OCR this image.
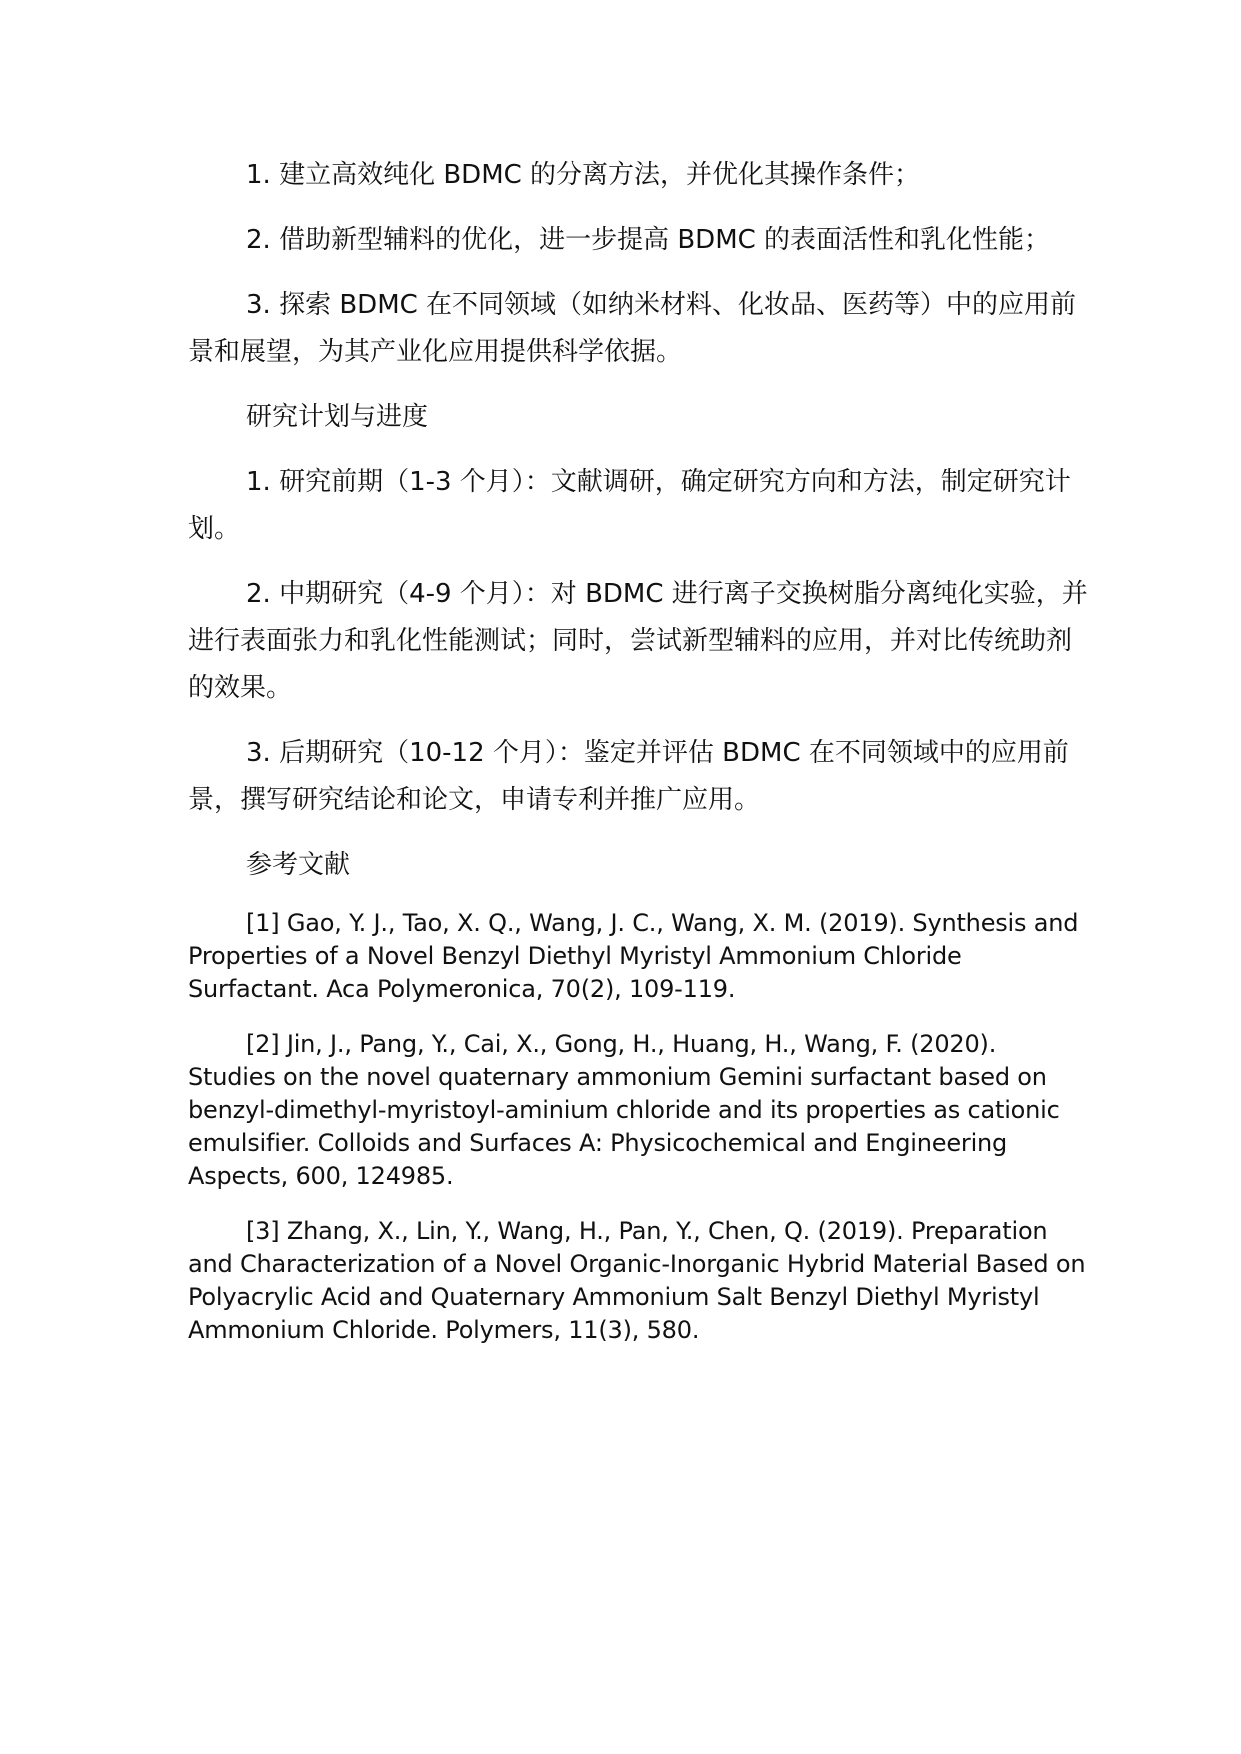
1. 建立高效纯化 BDMC 的分离方法，并优化其操作条件；

2. 借助新型辅料的优化，进一步提高 BDMC 的表面活性和乳化性能；

3. 探索 BDMC 在不同领域（如纳米材料、化妆品、医药等）中的应用前景和展望，为其产业化应用提供科学依据。

研究计划与进度

1. 研究前期（1-3 个月）：文献调研，确定研究方向和方法，制定研究计划。

2. 中期研究（4-9 个月）：对 BDMC 进行离子交换树脂分离纯化实验，并进行表面张力和乳化性能测试；同时，尝试新型辅料的应用，并对比传统助剂的效果。

3. 后期研究（10-12 个月）：鉴定并评估 BDMC 在不同领域中的应用前景，撰写研究结论和论文，申请专利并推广应用。

参考文献

[1] Gao, Y. J., Tao, X. Q., Wang, J. C., Wang, X. M. (2019). Synthesis and Properties of a Novel Benzyl Diethyl Myristyl Ammonium Chloride Surfactant. Aca Polymeronica, 70(2), 109-119.

[2] Jin, J., Pang, Y., Cai, X., Gong, H., Huang, H., Wang, F. (2020). Studies on the novel quaternary ammonium Gemini surfactant based on benzyl-dimethyl-myristoyl-aminium chloride and its properties as cationic emulsifier. Colloids and Surfaces A: Physicochemical and Engineering Aspects, 600, 124985.

[3] Zhang, X., Lin, Y., Wang, H., Pan, Y., Chen, Q. (2019). Preparation and Characterization of a Novel Organic-Inorganic Hybrid Material Based on Polyacrylic Acid and Quaternary Ammonium Salt Benzyl Diethyl Myristyl Ammonium Chloride. Polymers, 11(3), 580.
